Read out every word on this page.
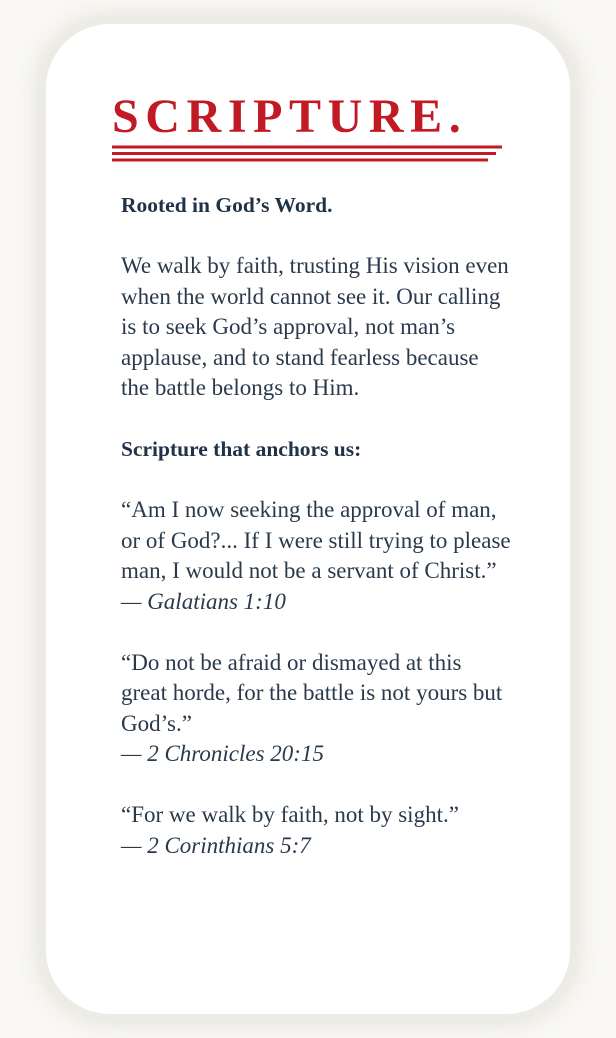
SCRIPTURE.

Rooted in God’s Word.

We walk by faith, trusting His vision even when the world cannot see it. Our calling is to seek God’s approval, not man’s applause, and to stand fearless because the battle belongs to Him.

Scripture that anchors us:

“Am I now seeking the approval of man, or of God?... If I were still trying to please man, I would not be a servant of Christ.” — Galatians 1:10

“Do not be afraid or dismayed at this great horde, for the battle is not yours but God’s.”
— 2 Chronicles 20:15

“For we walk by faith, not by sight.”
— 2 Corinthians 5:7
